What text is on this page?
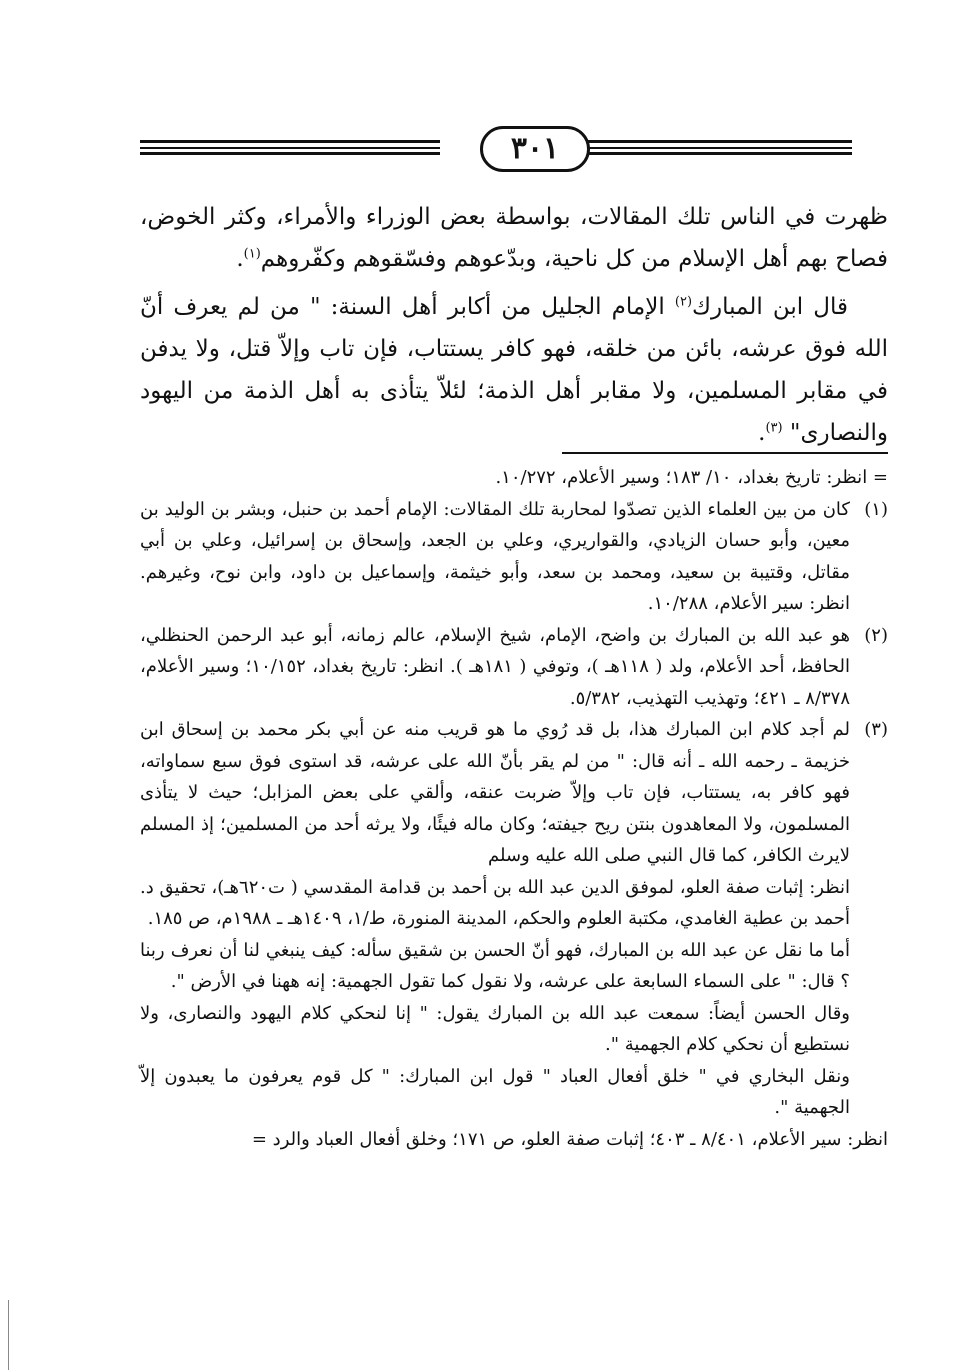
٣٠١

ظهرت في الناس تلك المقالات، بواسطة بعض الوزراء والأمراء، وكثر الخوض، فصاح بهم أهل الإسلام من كل ناحية، وبدّعوهم وفسّقوهم وكفّروهم$^{(١)}$.

قال ابن المبارك$^{(٢)}$ الإمام الجليل من أكابر أهل السنة: " من لم يعرف أنّ الله فوق عرشه، بائن من خلقه، فهو كافر يستتاب، فإن تاب وإلاّ قتل، ولا يدفن في مقابر المسلمين، ولا مقابر أهل الذمة؛ لئلاّ يتأذى به أهل الذمة من اليهود والنصارى" $^{(٣)}$.

= انظر: تاريخ بغداد، ١٠/ ١٨٣؛ وسير الأعلام، ١٠/٢٧٢.

(١)

كان من بين العلماء الذين تصدّوا لمحاربة تلك المقالات: الإمام أحمد بن حنبل، وبشر بن الوليد بن معين، وأبو حسان الزيادي، والقواريري، وعلي بن الجعد، وإسحاق بن إسرائيل، وعلي بن أبي مقاتل، وقتيبة بن سعيد، ومحمد بن سعد، وأبو خيثمة، وإسماعيل بن داود، وابن نوح، وغيرهم. انظر: سير الأعلام، ١٠/٢٨٨.

(٢)

هو عبد الله بن المبارك بن واضح، الإمام، شيخ الإسلام، عالم زمانه، أبو عبد الرحمن الحنظلي، الحافظ، أحد الأعلام، ولد ( ١١٨هـ )، وتوفي ( ١٨١هـ ). انظر: تاريخ بغداد، ١٠/١٥٢؛ وسير الأعلام، ٨/٣٧٨ ـ ٤٢١؛ وتهذيب التهذيب، ٥/٣٨٢.

(٣)

لم أجد كلام ابن المبارك هذا، بل قد رُوي ما هو قريب منه عن أبي بكر محمد بن إسحاق ابن خزيمة ـ رحمه الله ـ أنه قال: " من لم يقر بأنّ الله على عرشه، قد استوى فوق سبع سماواته، فهو كافر به، يستتاب، فإن تاب وإلاّ ضربت عنقه، وألقي على بعض المزابل؛ حيث لا يتأذى المسلمون، ولا المعاهدون بنتن ريح جيفته؛ وكان ماله فيئًا، ولا يرثه أحد من المسلمين؛ إذ المسلم لايرث الكافر، كما قال النبي صلى الله عليه وسلم

انظر: إثبات صفة العلو، لموفق الدين عبد الله بن أحمد بن قدامة المقدسي ( ت٦٢٠هـ)، تحقيق د. أحمد بن عطية الغامدي، مكتبة العلوم والحكم، المدينة المنورة، ط/١، ١٤٠٩هـ ـ ١٩٨٨م، ص ١٨٥.

أما ما نقل عن عبد الله بن المبارك، فهو أنّ الحسن بن شقيق سأله: كيف ينبغي لنا أن نعرف ربنا ؟ قال: " على السماء السابعة على عرشه، ولا نقول كما تقول الجهمية: إنه ههنا في الأرض ".

وقال الحسن أيضاً: سمعت عبد الله بن المبارك يقول: " إنا لنحكي كلام اليهود والنصارى، ولا نستطيع أن نحكي كلام الجهمية ".

ونقل البخاري في " خلق أفعال العباد " قول ابن المبارك: " كل قوم يعرفون ما يعبدون إلاّ الجهمية ".

انظر: سير الأعلام، ٨/٤٠١ ـ ٤٠٣؛ إثبات صفة العلو، ص ١٧١؛ وخلق أفعال العباد والرد =
